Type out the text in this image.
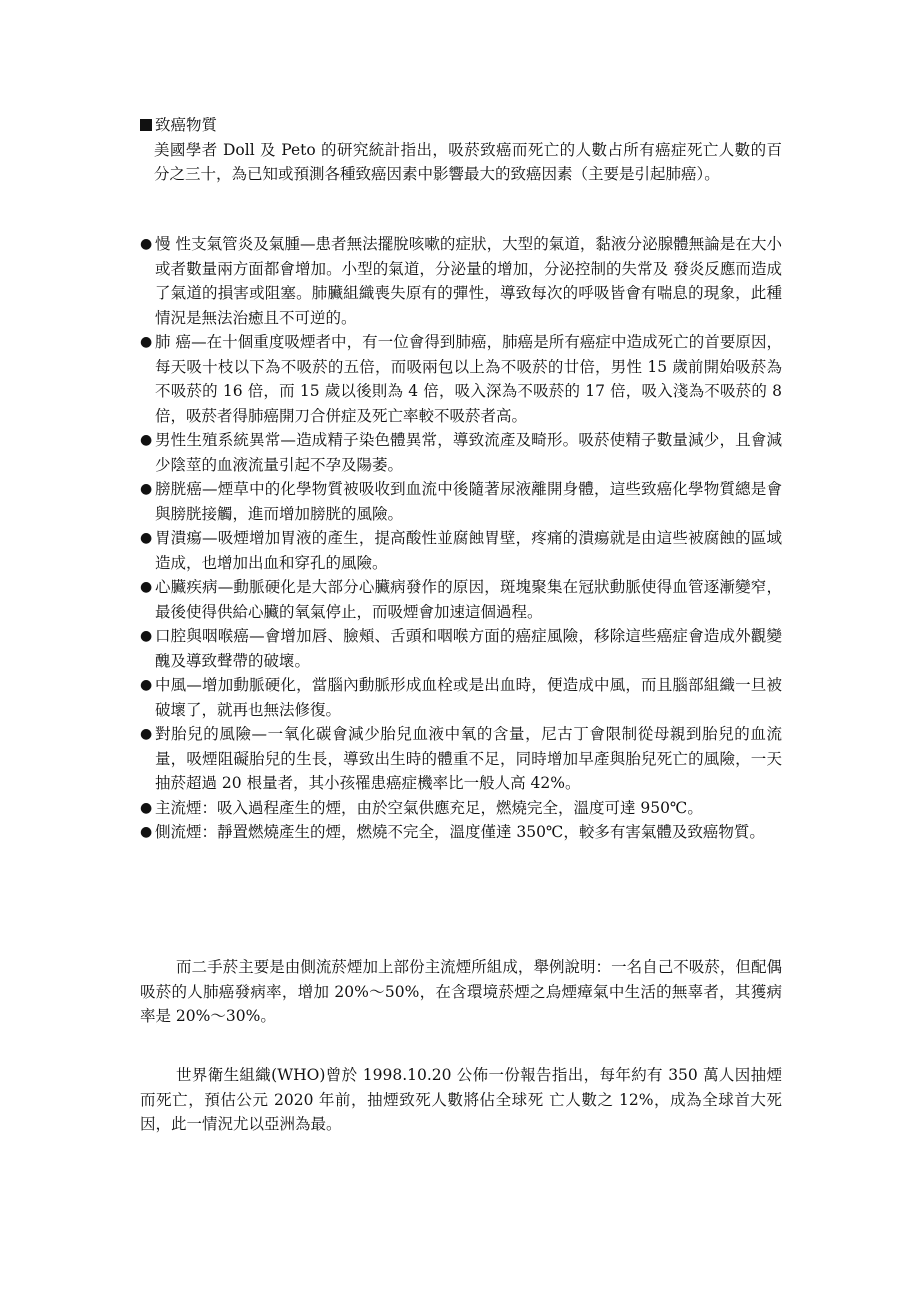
致癌物質

美國學者 Doll 及 Peto 的研究統計指出，吸菸致癌而死亡的人數占所有癌症死亡人數的百分之三十，為已知或預測各種致癌因素中影響最大的致癌因素（主要是引起肺癌）。

● 慢 性支氣管炎及氣腫—患者無法擺脫咳嗽的症狀，大型的氣道，黏液分泌腺體無論是在大小或者數量兩方面都會增加。小型的氣道，分泌量的增加，分泌控制的失常及 發炎反應而造成了氣道的損害或阻塞。肺臟組織喪失原有的彈性，導致每次的呼吸皆會有喘息的現象，此種情況是無法治癒且不可逆的。
● 肺 癌—在十個重度吸煙者中，有一位會得到肺癌，肺癌是所有癌症中造成死亡的首要原因，每天吸十枝以下為不吸菸的五倍，而吸兩包以上為不吸菸的廿倍，男性 15 歲前開始吸菸為不吸菸的 16 倍，而 15 歲以後則為 4 倍，吸入深為不吸菸的 17 倍，吸入淺為不吸菸的 8 倍，吸菸者得肺癌開刀合併症及死亡率較不吸菸者高。
● 男性生殖系統異常—造成精子染色體異常，導致流產及畸形。吸菸使精子數量減少，且會減少陰莖的血液流量引起不孕及陽萎。
● 膀胱癌—煙草中的化學物質被吸收到血流中後隨著尿液離開身體，這些致癌化學物質總是會與膀胱接觸，進而增加膀胱的風險。
● 胃潰瘍—吸煙增加胃液的產生，提高酸性並腐蝕胃壁，疼痛的潰瘍就是由這些被腐蝕的區域造成，也增加出血和穿孔的風險。
● 心臟疾病—動脈硬化是大部分心臟病發作的原因，斑塊聚集在冠狀動脈使得血管逐漸變窄，最後使得供給心臟的氧氣停止，而吸煙會加速這個過程。
● 口腔與咽喉癌—會增加唇、臉頰、舌頭和咽喉方面的癌症風險，移除這些癌症會造成外觀變醜及導致聲帶的破壞。
● 中風—增加動脈硬化，當腦內動脈形成血栓或是出血時，便造成中風，而且腦部組織一旦被破壞了，就再也無法修復。
● 對胎兒的風險—一氧化碳會減少胎兒血液中氧的含量，尼古丁會限制從母親到胎兒的血流量，吸煙阻礙胎兒的生長，導致出生時的體重不足，同時增加早產與胎兒死亡的風險，一天抽菸超過 20 根量者，其小孩罹患癌症機率比一般人高 42%。
● 主流煙：吸入過程產生的煙，由於空氣供應充足，燃燒完全，溫度可達 950℃。
● 側流煙：靜置燃燒產生的煙，燃燒不完全，溫度僅達 350℃，較多有害氣體及致癌物質。

而二手菸主要是由側流菸煙加上部份主流煙所組成，舉例說明：一名自己不吸菸，但配偶吸菸的人肺癌發病率，增加 20%～50%，在含環境菸煙之烏煙瘴氣中生活的無辜者，其獲病率是 20%～30%。

世界衛生組織(WHO)曾於 1998.10.20 公佈一份報告指出，每年約有 350 萬人因抽煙而死亡，預估公元 2020 年前，抽煙致死人數將佔全球死 亡人數之 12%，成為全球首大死因，此一情況尤以亞洲為最。
